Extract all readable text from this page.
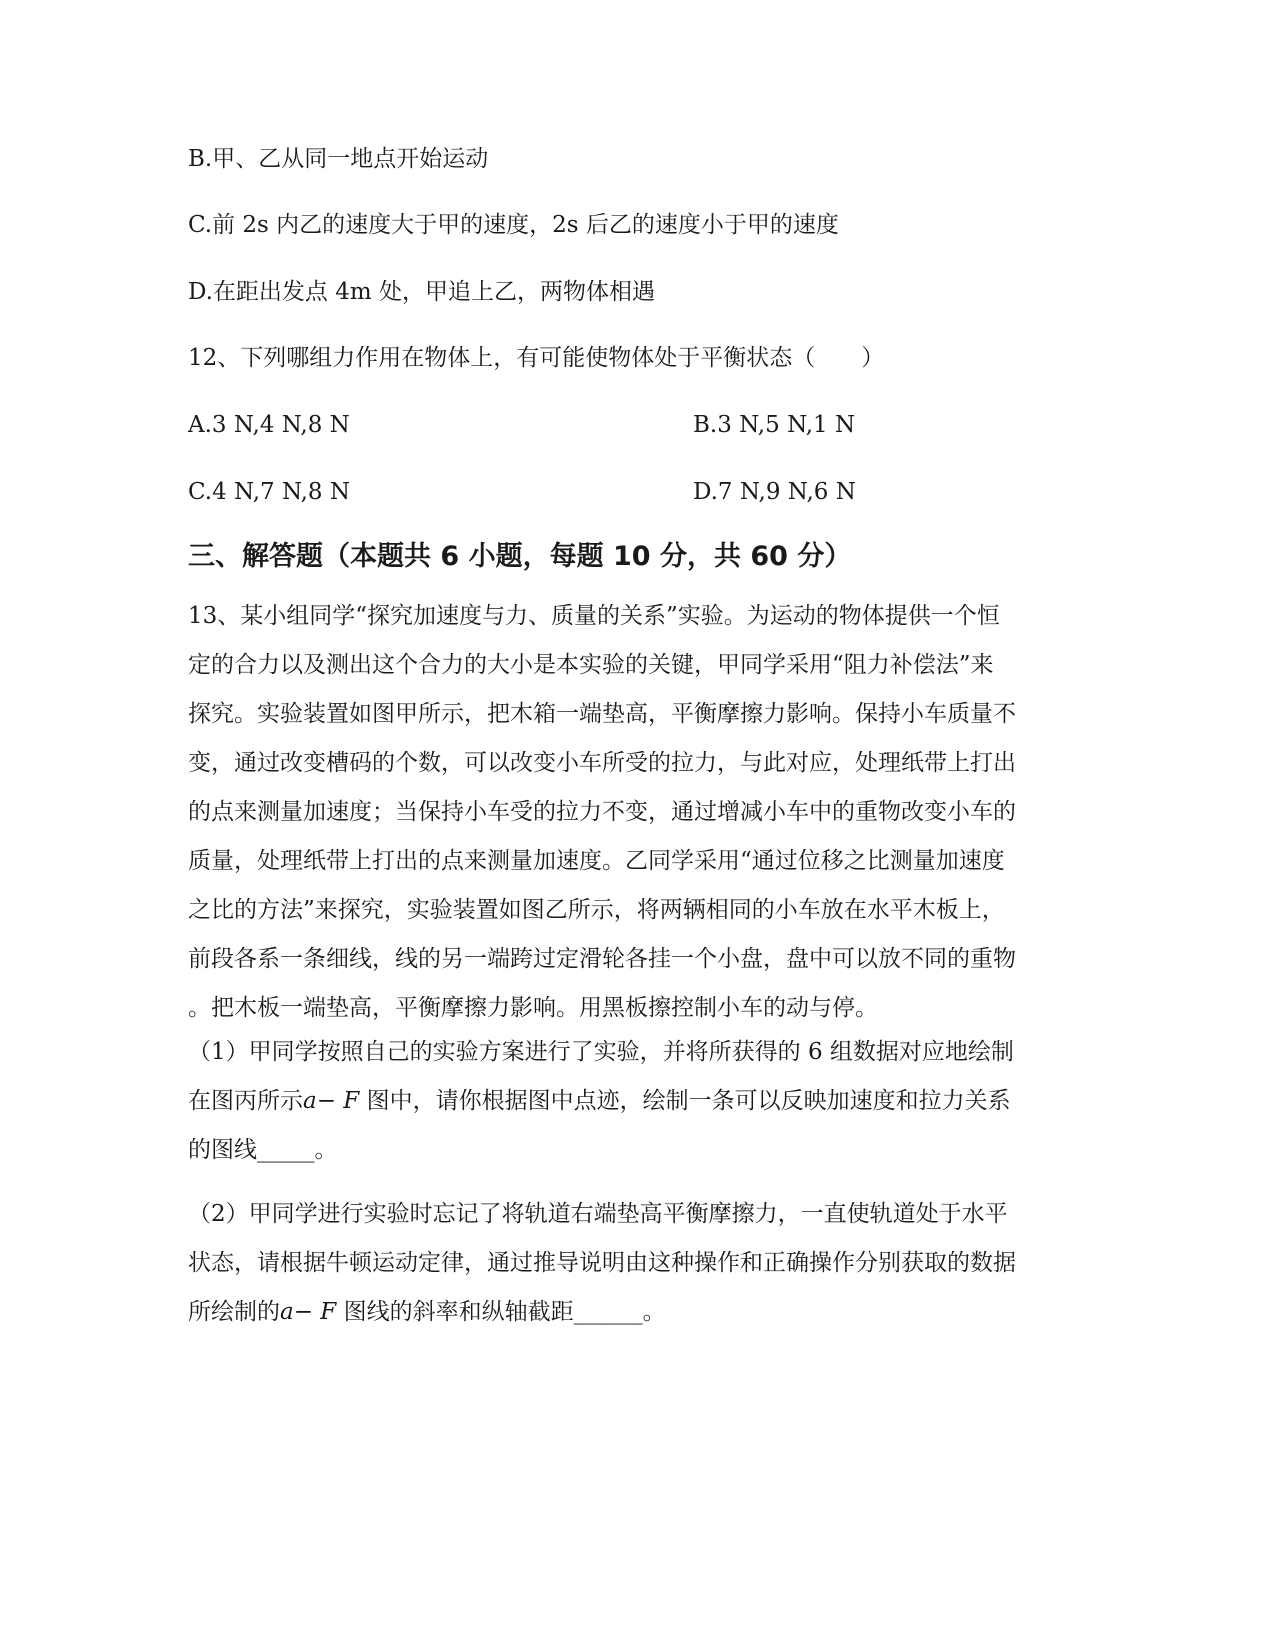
B.甲、乙从同一地点开始运动
C.前 2s 内乙的速度大于甲的速度，2s 后乙的速度小于甲的速度
D.在距出发点 4m 处，甲追上乙，两物体相遇
12、下列哪组力作用在物体上，有可能使物体处于平衡状态（　　）
A.3 N,4 N,8 N	B.3 N,5 N,1 N
C.4 N,7 N,8 N	D.7 N,9 N,6 N
三、解答题（本题共 6 小题，每题 10 分，共 60 分）
13、某小组同学“探究加速度与力、质量的关系”实验。为运动的物体提供一个恒
定的合力以及测出这个合力的大小是本实验的关键，甲同学采用“阻力补偿法”来
探究。实验装置如图甲所示，把木箱一端垫高，平衡摩擦力影响。保持小车质量不
变，通过改变槽码的个数，可以改变小车所受的拉力，与此对应，处理纸带上打出
的点来测量加速度；当保持小车受的拉力不变，通过增减小车中的重物改变小车的
质量，处理纸带上打出的点来测量加速度。乙同学采用“通过位移之比测量加速度
之比的方法”来探究，实验装置如图乙所示，将两辆相同的小车放在水平木板上，
前段各系一条细线，线的另一端跨过定滑轮各挂一个小盘，盘中可以放不同的重物
。把木板一端垫高，平衡摩擦力影响。用黑板擦控制小车的动与停。
（1）甲同学按照自己的实验方案进行了实验，并将所获得的 6 组数据对应地绘制
在图丙所示a− F 图中，请你根据图中点迹，绘制一条可以反映加速度和拉力关系
的图线_____。
（2）甲同学进行实验时忘记了将轨道右端垫高平衡摩擦力，一直使轨道处于水平
状态，请根据牛顿运动定律，通过推导说明由这种操作和正确操作分别获取的数据
所绘制的a− F 图线的斜率和纵轴截距______。
